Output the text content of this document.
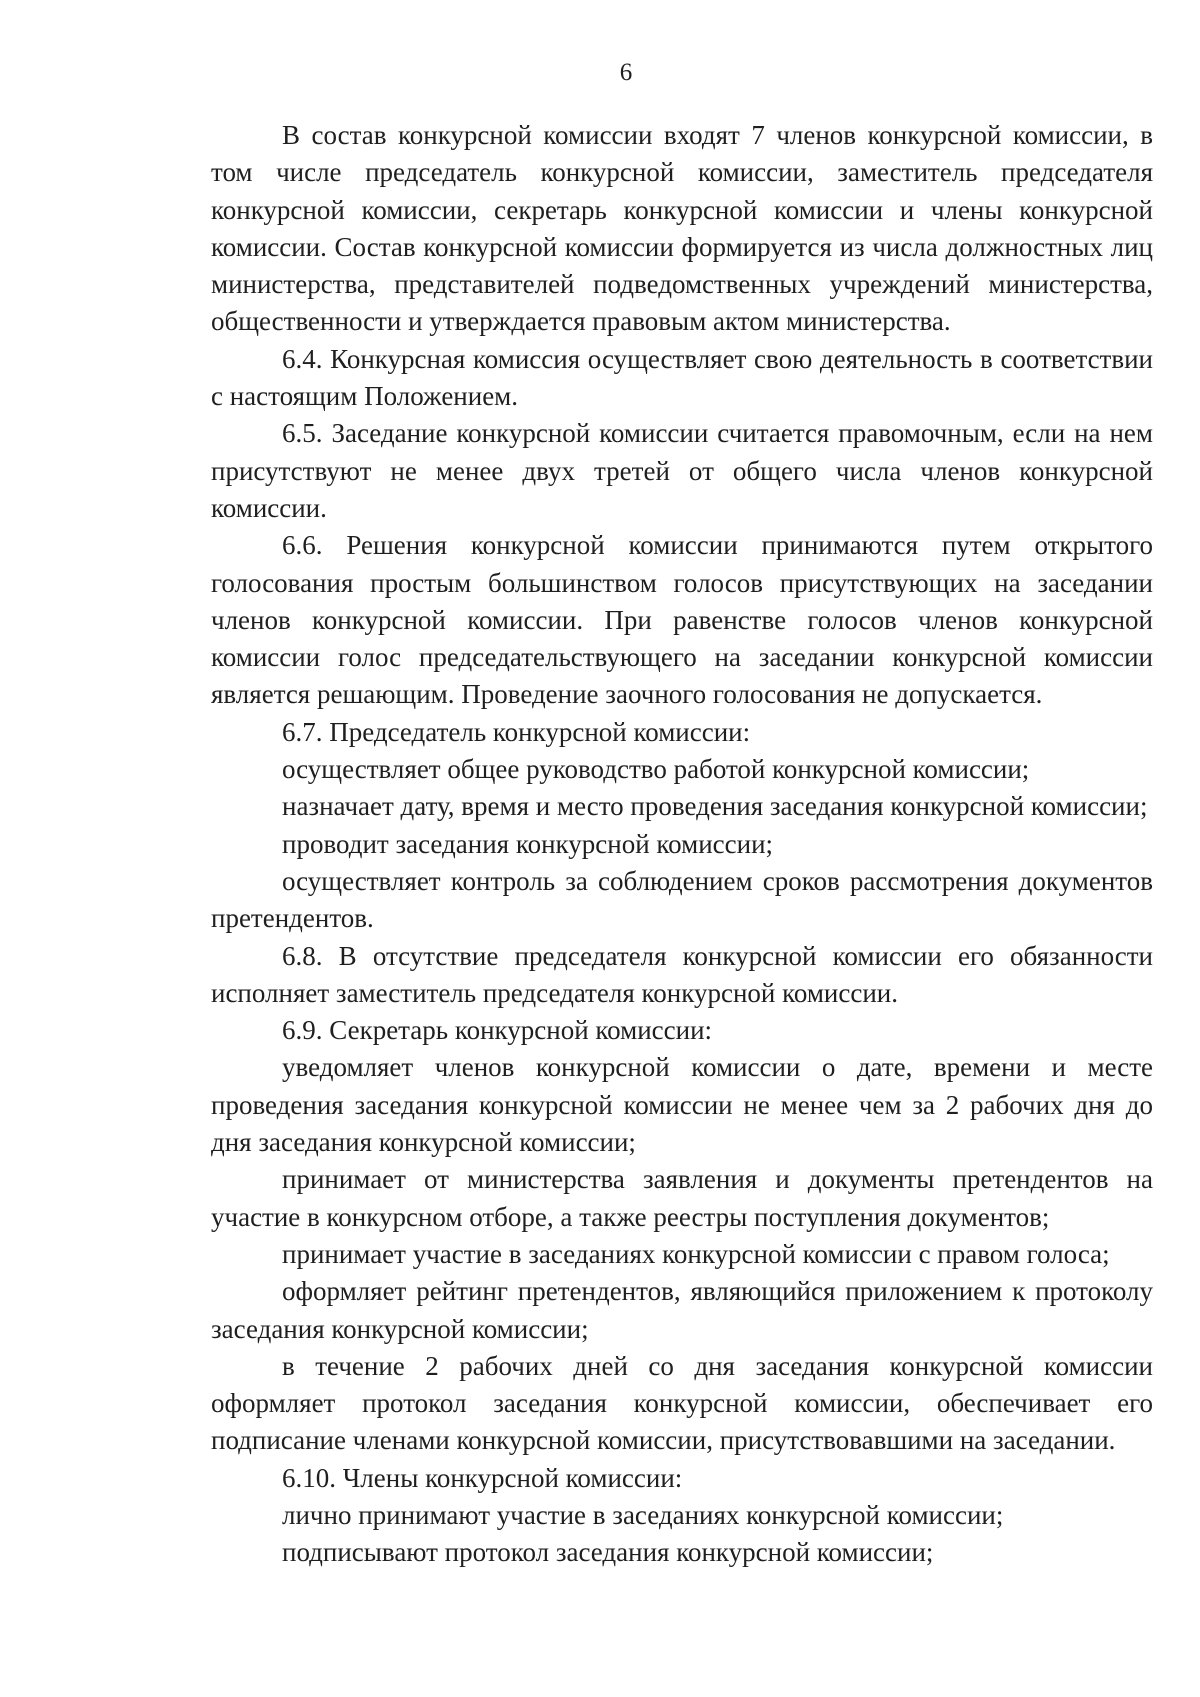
6

В состав конкурсной комиссии входят 7 членов конкурсной комиссии, в том числе председатель конкурсной комиссии, заместитель председателя конкурсной комиссии, секретарь конкурсной комиссии и члены конкурсной комиссии. Состав конкурсной комиссии формируется из числа должностных лиц министерства, представителей подведомственных учреждений министерства, общественности и утверждается правовым актом министерства.

6.4. Конкурсная комиссия осуществляет свою деятельность в соответствии с настоящим Положением.

6.5. Заседание конкурсной комиссии считается правомочным, если на нем присутствуют не менее двух третей от общего числа членов конкурсной комиссии.

6.6. Решения конкурсной комиссии принимаются путем открытого голосования простым большинством голосов присутствующих на заседании членов конкурсной комиссии. При равенстве голосов членов конкурсной комиссии голос председательствующего на заседании конкурсной комиссии является решающим. Проведение заочного голосования не допускается.

6.7. Председатель конкурсной комиссии:

осуществляет общее руководство работой конкурсной комиссии;

назначает дату, время и место проведения заседания конкурсной комиссии;

проводит заседания конкурсной комиссии;

осуществляет контроль за соблюдением сроков рассмотрения документов претендентов.

6.8. В отсутствие председателя конкурсной комиссии его обязанности исполняет заместитель председателя конкурсной комиссии.

6.9. Секретарь конкурсной комиссии:

уведомляет членов конкурсной комиссии о дате, времени и месте проведения заседания конкурсной комиссии не менее чем за 2 рабочих дня до дня заседания конкурсной комиссии;

принимает от министерства заявления и документы претендентов на участие в конкурсном отборе, а также реестры поступления документов;

принимает участие в заседаниях конкурсной комиссии с правом голоса;

оформляет рейтинг претендентов, являющийся приложением к протоколу заседания конкурсной комиссии;

в течение 2 рабочих дней со дня заседания конкурсной комиссии оформляет протокол заседания конкурсной комиссии, обеспечивает его подписание членами конкурсной комиссии, присутствовавшими на заседании.

6.10. Члены конкурсной комиссии:

лично принимают участие в заседаниях конкурсной комиссии;

подписывают протокол заседания конкурсной комиссии;
